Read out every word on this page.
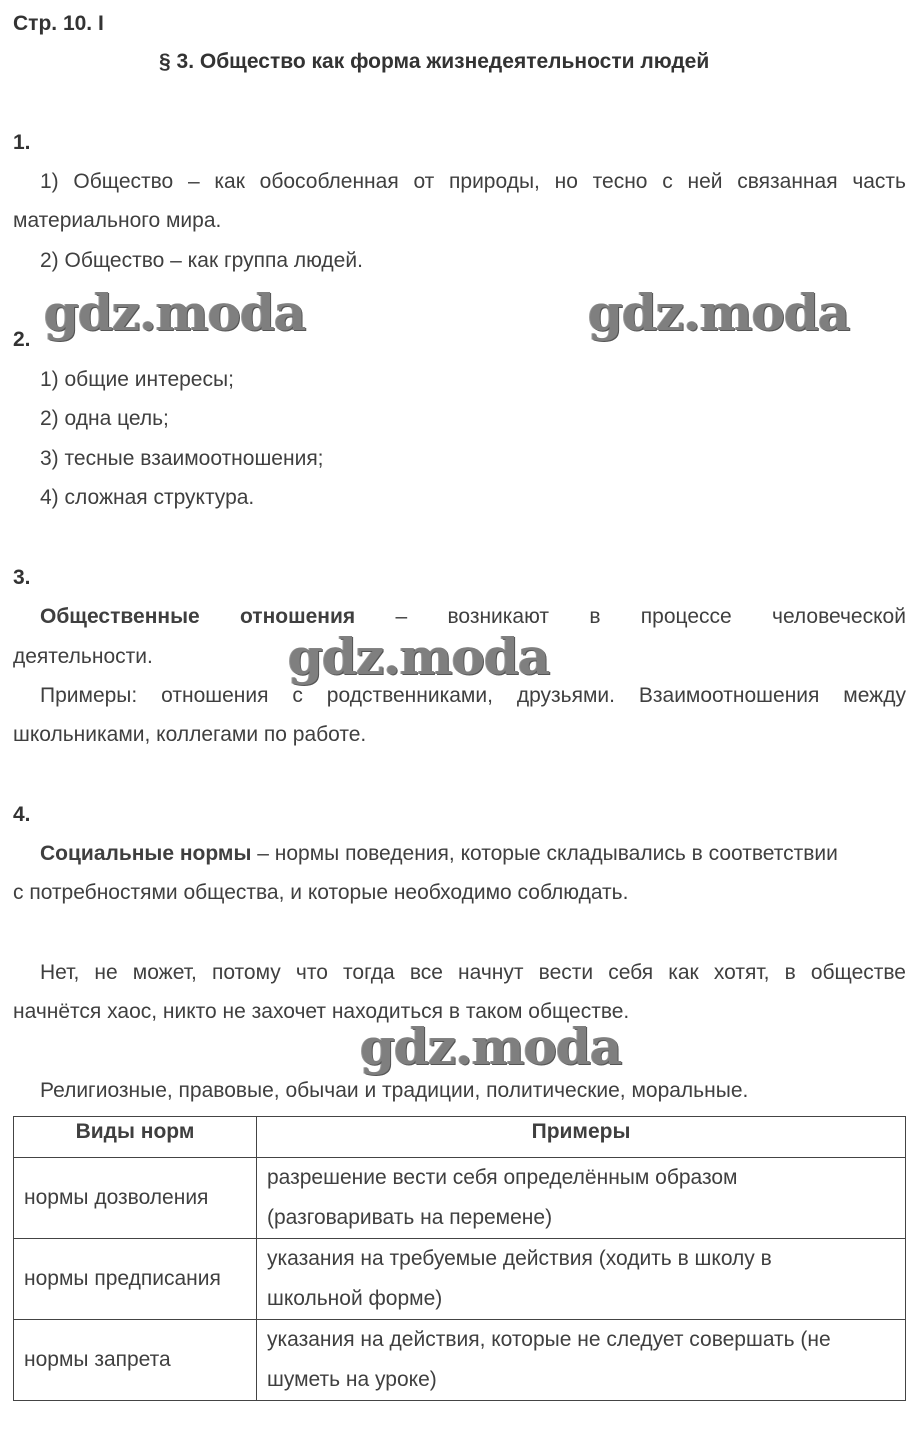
Стр. 10. I
§ 3. Общество как форма жизнедеятельности людей
1.
1) Общество – как обособленная от природы, но тесно с ней связанная часть
материального мира.
2) Общество – как группа людей.
2.
1) общие интересы;
2) одна цель;
3) тесные взаимоотношения;
4) сложная структура.
3.
Общественные отношения – возникают в процессе человеческой
деятельности.
Примеры: отношения с родственниками, друзьями. Взаимоотношения между
школьниками, коллегами по работе.
4.
Социальные нормы – нормы поведения, которые складывались в соответствии
с потребностями общества, и которые необходимо соблюдать.
Нет, не может, потому что тогда все начнут вести себя как хотят, в обществе
начнётся хаос, никто не захочет находиться в таком обществе.
Религиозные, правовые, обычаи и традиции, политические, моральные.
Виды норм	Примеры
нормы дозволения	разрешение вести себя определённым образом
(разговаривать на перемене)

нормы предписания	указания на требуемые действия (ходить в школу в
школьной форме)

нормы запрета	указания на действия, которые не следует совершать (не
шуметь на уроке)
gdz.moda	gdz.moda
gdz.moda
gdz.moda
